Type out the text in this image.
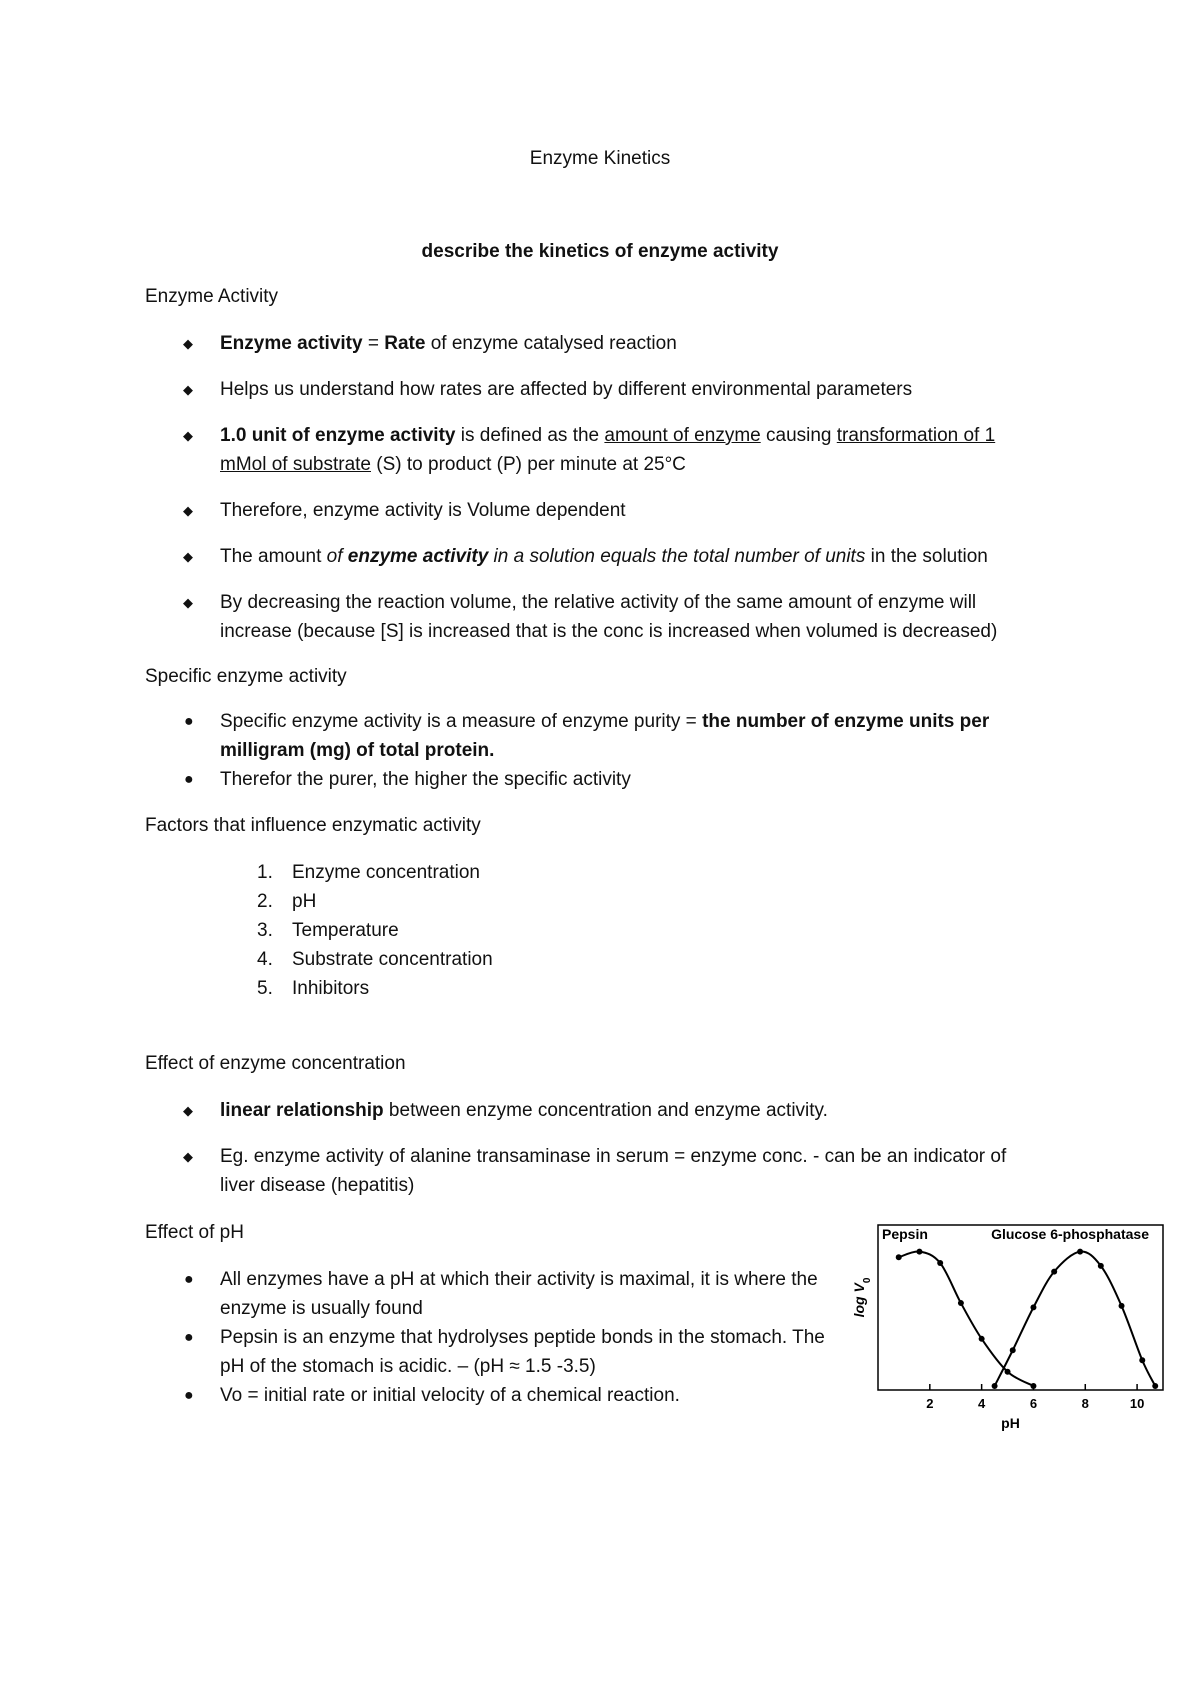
Enzyme Kinetics
describe the kinetics of enzyme activity
Enzyme Activity
◆ Enzyme activity = Rate of enzyme catalysed reaction
◆ Helps us understand how rates are affected by different environmental parameters
◆ 1.0 unit of enzyme activity is defined as the amount of enzyme causing transformation of 1 mMol of substrate (S) to product (P) per minute at 25°C
◆ Therefore, enzyme activity is Volume dependent
◆ The amount of enzyme activity in a solution equals the total number of units in the solution
◆ By decreasing the reaction volume, the relative activity of the same amount of enzyme will increase (because [S] is increased that is the conc is increased when volumed is decreased)
Specific enzyme activity
● Specific enzyme activity is a measure of enzyme purity = the number of enzyme units per milligram (mg) of total protein.
● Therefor the purer, the higher the specific activity
Factors that influence enzymatic activity
1. Enzyme concentration
2. pH
3. Temperature
4. Substrate concentration
5. Inhibitors
Effect of enzyme concentration
◆ linear relationship between enzyme concentration and enzyme activity.
◆ Eg. enzyme activity of alanine transaminase in serum = enzyme conc. - can be an indicator of liver disease (hepatitis)
Effect of pH
● All enzymes have a pH at which their activity is maximal, it is where the enzyme is usually found
● Pepsin is an enzyme that hydrolyses peptide bonds in the stomach. The pH of the stomach is acidic. – (pH ≈ 1.5 -3.5)
● Vo = initial rate or initial velocity of a chemical reaction.	2	4	6	8	10
Pepsin	Glucose 6-phosphatase
pH
$\log V_0$
